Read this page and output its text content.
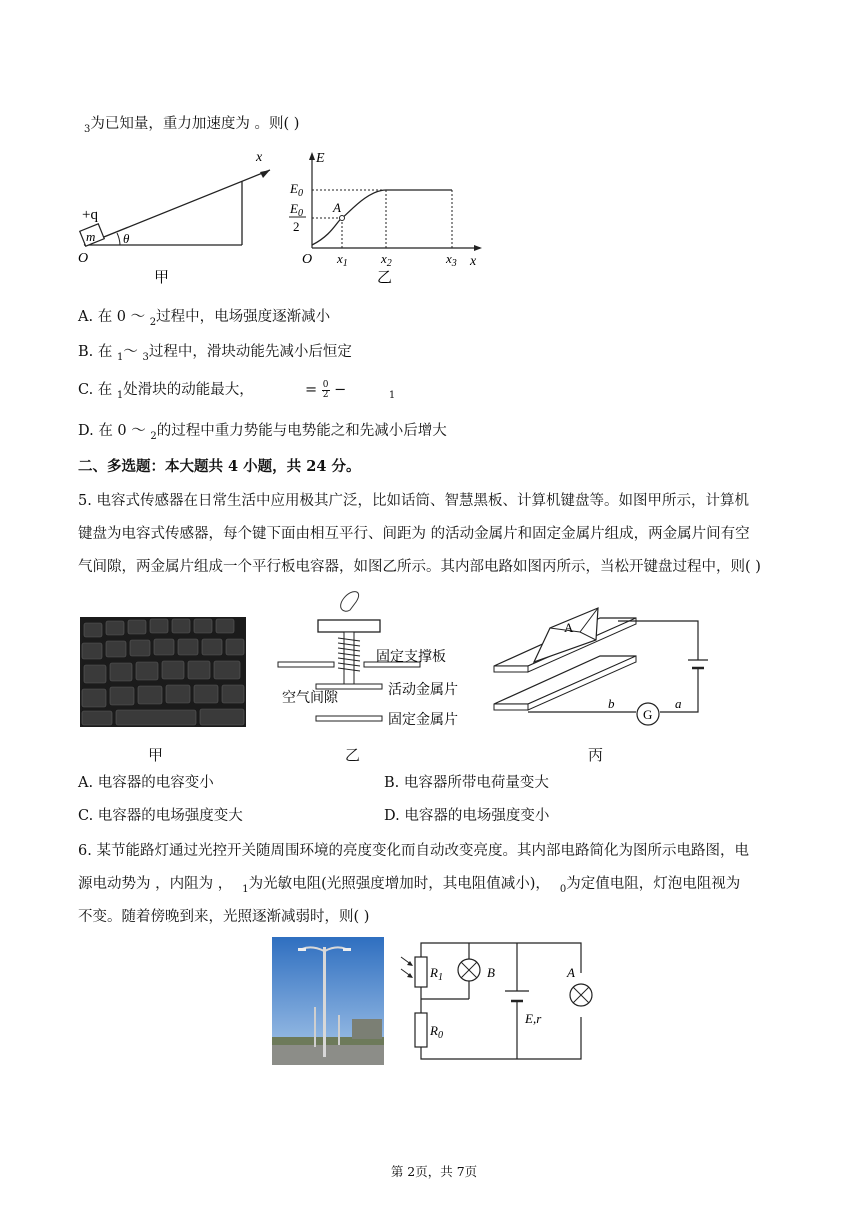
$_3$为已知量，重力加速度为 。则( )
+q
m θ
O
x
甲
E
x
O
$E_0$
$E_0$
2
A
$x_1$	$x_2$	$x_3$
乙
A. 在 0 ～ $_2$过程中，电场强度逐渐减小
B. 在 $_1$～ $_3$过程中，滑块动能先减小后恒定
C. 在 $_1$处滑块的动能最大，	= $\frac{0}{2}$ −	$_1$
D. 在 0 ～ $_2$的过程中重力势能与电势能之和先减小后增大
二、多选题：本大题共 4 小题，共 24 分。
5. 电容式传感器在日常生活中应用极其广泛，比如话筒、智慧黑板、计算机键盘等。如图甲所示，计算机
键盘为电容式传感器，每个键下面由相互平行、间距为 的活动金属片和固定金属片组成，两金属片间有空
气间隙，两金属片组成一个平行板电容器，如图乙所示。其内部电路如图丙所示，当松开键盘过程中，则( )
甲
固定支撑板
空气间隙
活动金属片
固定金属片
乙
A
G
b	a
丙
A. 电容器的电容变小	B. 电容器所带电荷量变大
C. 电容器的电场强度变大	D. 电容器的电场强度变小
6. 某节能路灯通过光控开关随周围环境的亮度变化而自动改变亮度。其内部电路简化为图所示电路图，电
源电动势为 ，内阻为 ， $_1$为光敏电阻(光照强度增加时，其电阻值减小)， $_0$为定值电阻，灯泡电阻视为
不变。随着傍晚到来，光照逐渐减弱时，则( )
$R_1$	B	A
E,r
$R_0$
第 2页，共 7页
